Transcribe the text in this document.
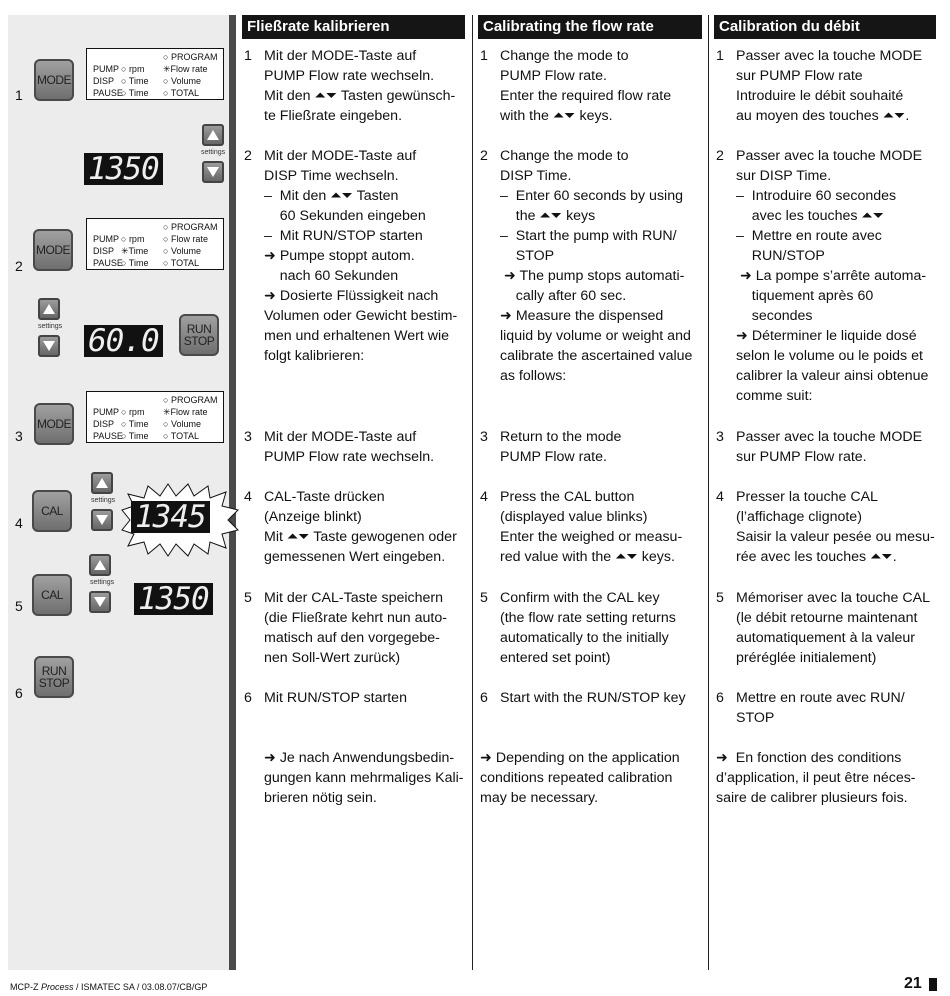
1
2
3
4
5
6
MODE
PUMP
DISP
PAUSE
○ rpm
○ Time
○ Time
○ PROGRAM
✳Flow rate
○ Volume
○ TOTAL
settings
1350
MODE
PUMP
DISP
PAUSE
○ rpm
✳Time
○ Time
○ PROGRAM
○ Flow rate
○ Volume
○ TOTAL
settings 60.0	RUN
STOP
MODE
PUMP
DISP
PAUSE
○ rpm
○ Time
○ Time
○ PROGRAM
✳Flow rate
○ Volume
○ TOTAL
CAL
settings 1345
CAL
settings 1350
RUN
STOP
Fließrate kalibrieren	Calibrating the flow rate	Calibration du débit
1 Mit der MODE-Taste auf
PUMP Flow rate wechseln.
Mit den ⏶⏷ Tasten gewünsch-
te Fließrate eingeben.
2 Mit der MODE-Taste auf
DISP Time wechseln.
–  Mit den ⏶⏷ Tasten
60 Sekunden eingeben
–  Mit RUN/STOP starten
➜ Pumpe stoppt autom.
nach 60 Sekunden
➜ Dosierte Flüssigkeit nach
Volumen oder Gewicht bestim-
men und erhaltenen Wert wie
folgt kalibrieren:
3 Mit der MODE-Taste auf
PUMP Flow rate wechseln.
4 CAL-Taste drücken
(Anzeige blinkt)
Mit ⏶⏷ Taste gewogenen oder
gemessenen Wert eingeben.
5 Mit der CAL-Taste speichern
(die Fließrate kehrt nun auto-
matisch auf den vorgegebe-
nen Soll-Wert zurück)
6 Mit RUN/STOP starten
➜ Je nach Anwendungsbedin-
gungen kann mehrmaliges Kali-
brieren nötig sein.
1 Change the mode to
PUMP Flow rate.
Enter the required flow rate
with the ⏶⏷ keys.
2 Change the mode to
DISP Time.
–  Enter 60 seconds by using
the ⏶⏷ keys
–  Start the pump with RUN/
STOP
➜ The pump stops automati-
cally after 60 sec.
➜ Measure the dispensed
liquid by volume or weight and
calibrate the ascertained value
as follows:
3 Return to the mode
PUMP Flow rate.
4 Press the CAL button
(displayed value blinks)
Enter the weighed or measu-
red value with the ⏶⏷ keys.
5 Confirm with the CAL key
(the flow rate setting returns
automatically to the initially
entered set point)
6 Start with the RUN/STOP key
➜ Depending on the application
conditions repeated calibration
may be necessary.
1 Passer avec la touche MODE
sur PUMP Flow rate
Introduire le débit souhaité
au moyen des touches ⏶⏷.
2 Passer avec la touche MODE
sur DISP Time.
–  Introduire 60 secondes
avec les touches ⏶⏷
–  Mettre en route avec
RUN/STOP
➜ La pompe s’arrête automa-
tiquement après 60
secondes
➜ Déterminer le liquide dosé
selon le volume ou le poids et
calibrer la valeur ainsi obtenue
comme suit:
3 Passer avec la touche MODE
sur PUMP Flow rate.
4 Presser la touche CAL
(l’affichage clignote)
Saisir la valeur pesée ou mesu-
rée avec les touches ⏶⏷.
5 Mémoriser avec la touche CAL
(le débit retourne maintenant
automatiquement à la valeur
préréglée initialement)
6 Mettre en route avec RUN/
STOP
➜  En fonction des conditions
d’application, il peut être néces-
saire de calibrer plusieurs fois.
MCP-Z Process / ISMATEC SA / 03.08.07/CB/GP	21
